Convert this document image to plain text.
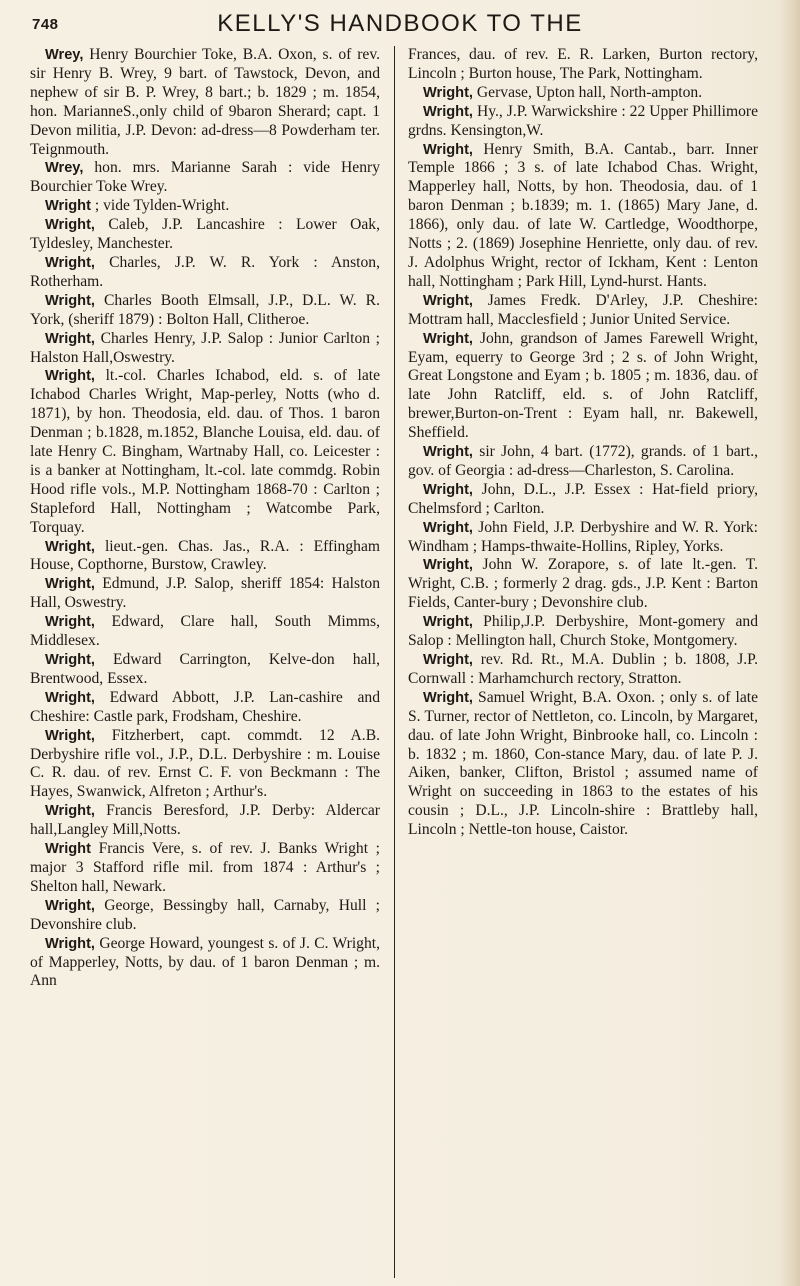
748	KELLY'S HANDBOOK TO THE

Wrey, Henry Bourchier Toke, B.A. Oxon, s. of rev. sir Henry B. Wrey, 9 bart. of Tawstock, Devon, and nephew of sir B. P. Wrey, 8 bart.; b. 1829 ; m. 1854, hon. MarianneS.,only child of 9baron Sherard; capt. 1 Devon militia, J.P. Devon: ad-dress—8 Powderham ter. Teignmouth.

Wrey, hon. mrs. Marianne Sarah : vide Henry Bourchier Toke Wrey.

Wright ; vide Tylden-Wright.

Wright, Caleb, J.P. Lancashire : Lower Oak, Tyldesley, Manchester.

Wright, Charles, J.P. W. R. York : Anston, Rotherham.

Wright, Charles Booth Elmsall, J.P., D.L. W. R. York, (sheriff 1879) : Bolton Hall, Clitheroe.

Wright, Charles Henry, J.P. Salop : Junior Carlton ; Halston Hall,Oswestry.

Wright, lt.-col. Charles Ichabod, eld. s. of late Ichabod Charles Wright, Map-perley, Notts (who d. 1871), by hon. Theodosia, eld. dau. of Thos. 1 baron Denman ; b.1828, m.1852, Blanche Louisa, eld. dau. of late Henry C. Bingham, Wartnaby Hall, co. Leicester : is a banker at Nottingham, lt.-col. late commdg. Robin Hood rifle vols., M.P. Nottingham 1868-70 : Carlton ; Stapleford Hall, Nottingham ; Watcombe Park, Torquay.

Wright, lieut.-gen. Chas. Jas., R.A. : Effingham House, Copthorne, Burstow, Crawley.

Wright, Edmund, J.P. Salop, sheriff 1854: Halston Hall, Oswestry.

Wright, Edward, Clare hall, South Mimms, Middlesex.

Wright, Edward Carrington, Kelve-don hall, Brentwood, Essex.

Wright, Edward Abbott, J.P. Lan-cashire and Cheshire: Castle park, Frodsham, Cheshire.

Wright, Fitzherbert, capt. commdt. 12 A.B. Derbyshire rifle vol., J.P., D.L. Derbyshire : m. Louise C. R. dau. of rev. Ernst C. F. von Beckmann : The Hayes, Swanwick, Alfreton ; Arthur's.

Wright, Francis Beresford, J.P. Derby: Aldercar hall,Langley Mill,Notts.

Wright Francis Vere, s. of rev. J. Banks Wright ; major 3 Stafford rifle mil. from 1874 : Arthur's ; Shelton hall, Newark.

Wright, George, Bessingby hall, Carnaby, Hull ; Devonshire club.

Wright, George Howard, youngest s. of J. C. Wright, of Mapperley, Notts, by dau. of 1 baron Denman ; m. Ann

Frances, dau. of rev. E. R. Larken, Burton rectory, Lincoln ; Burton house, The Park, Nottingham.

Wright, Gervase, Upton hall, North-ampton.

Wright, Hy., J.P. Warwickshire : 22 Upper Phillimore grdns. Kensington,W.

Wright, Henry Smith, B.A. Cantab., barr. Inner Temple 1866 ; 3 s. of late Ichabod Chas. Wright, Mapperley hall, Notts, by hon. Theodosia, dau. of 1 baron Denman ; b.1839; m. 1. (1865) Mary Jane, d. 1866), only dau. of late W. Cartledge, Woodthorpe, Notts ; 2. (1869) Josephine Henriette, only dau. of rev. J. Adolphus Wright, rector of Ickham, Kent : Lenton hall, Nottingham ; Park Hill, Lynd-hurst. Hants.

Wright, James Fredk. D'Arley, J.P. Cheshire: Mottram hall, Macclesfield ; Junior United Service.

Wright, John, grandson of James Farewell Wright, Eyam, equerry to George 3rd ; 2 s. of John Wright, Great Longstone and Eyam ; b. 1805 ; m. 1836, dau. of late John Ratcliff, eld. s. of John Ratcliff, brewer,Burton-on-Trent : Eyam hall, nr. Bakewell, Sheffield.

Wright, sir John, 4 bart. (1772), grands. of 1 bart., gov. of Georgia : ad-dress—Charleston, S. Carolina.

Wright, John, D.L., J.P. Essex : Hat-field priory, Chelmsford ; Carlton.

Wright, John Field, J.P. Derbyshire and W. R. York: Windham ; Hamps-thwaite-Hollins, Ripley, Yorks.

Wright, John W. Zorapore, s. of late lt.-gen. T. Wright, C.B. ; formerly 2 drag. gds., J.P. Kent : Barton Fields, Canter-bury ; Devonshire club.

Wright, Philip,J.P. Derbyshire, Mont-gomery and Salop : Mellington hall, Church Stoke, Montgomery.

Wright, rev. Rd. Rt., M.A. Dublin ; b. 1808, J.P. Cornwall : Marhamchurch rectory, Stratton.

Wright, Samuel Wright, B.A. Oxon. ; only s. of late S. Turner, rector of Nettleton, co. Lincoln, by Margaret, dau. of late John Wright, Binbrooke hall, co. Lincoln : b. 1832 ; m. 1860, Con-stance Mary, dau. of late P. J. Aiken, banker, Clifton, Bristol ; assumed name of Wright on succeeding in 1863 to the estates of his cousin ; D.L., J.P. Lincoln-shire : Brattleby hall, Lincoln ; Nettle-ton house, Caistor.
